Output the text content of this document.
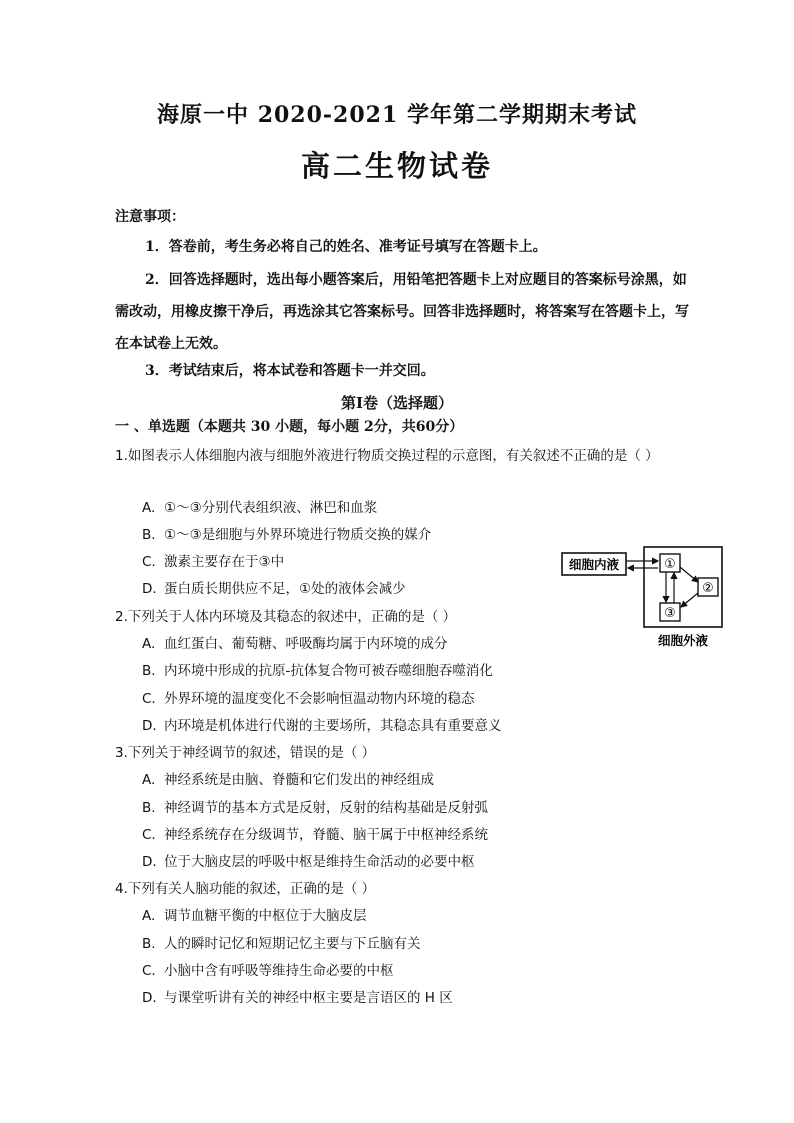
海原一中 2020-2021 学年第二学期期末考试
高二生物试卷
注意事项：
1．答卷前，考生务必将自己的姓名、准考证号填写在答题卡上。
2．回答选择题时，选出每小题答案后，用铅笔把答题卡上对应题目的答案标号涂黑，如需改动，用橡皮擦干净后，再选涂其它答案标号。回答非选择题时，将答案写在答题卡上，写在本试卷上无效。
3．考试结束后，将本试卷和答题卡一并交回。
第Ⅰ卷（选择题）
一 、单选题（本题共 30 小题，每小题 2分，共60分）
1.如图表示人体细胞内液与细胞外液进行物质交换过程的示意图，有关叙述不正确的是（ ）
A. ①～③分别代表组织液、淋巴和血浆
B. ①～③是细胞与外界环境进行物质交换的媒介
C. 激素主要存在于③中
D. 蛋白质长期供应不足，①处的液体会减少
细胞内液	①
②
③
细胞外液
2.下列关于人体内环境及其稳态的叙述中，正确的是（ ）
A. 血红蛋白、葡萄糖、呼吸酶均属于内环境的成分
B. 内环境中形成的抗原-抗体复合物可被吞噬细胞吞噬消化
C. 外界环境的温度变化不会影响恒温动物内环境的稳态
D. 内环境是机体进行代谢的主要场所，其稳态具有重要意义
3.下列关于神经调节的叙述，错误的是（ ）
A. 神经系统是由脑、脊髓和它们发出的神经组成
B. 神经调节的基本方式是反射，反射的结构基础是反射弧
C. 神经系统存在分级调节，脊髓、脑干属于中枢神经系统
D. 位于大脑皮层的呼吸中枢是维持生命活动的必要中枢
4.下列有关人脑功能的叙述，正确的是（ ）
A. 调节血糖平衡的中枢位于大脑皮层
B. 人的瞬时记忆和短期记忆主要与下丘脑有关
C. 小脑中含有呼吸等维持生命必要的中枢
D. 与课堂听讲有关的神经中枢主要是言语区的 H 区
